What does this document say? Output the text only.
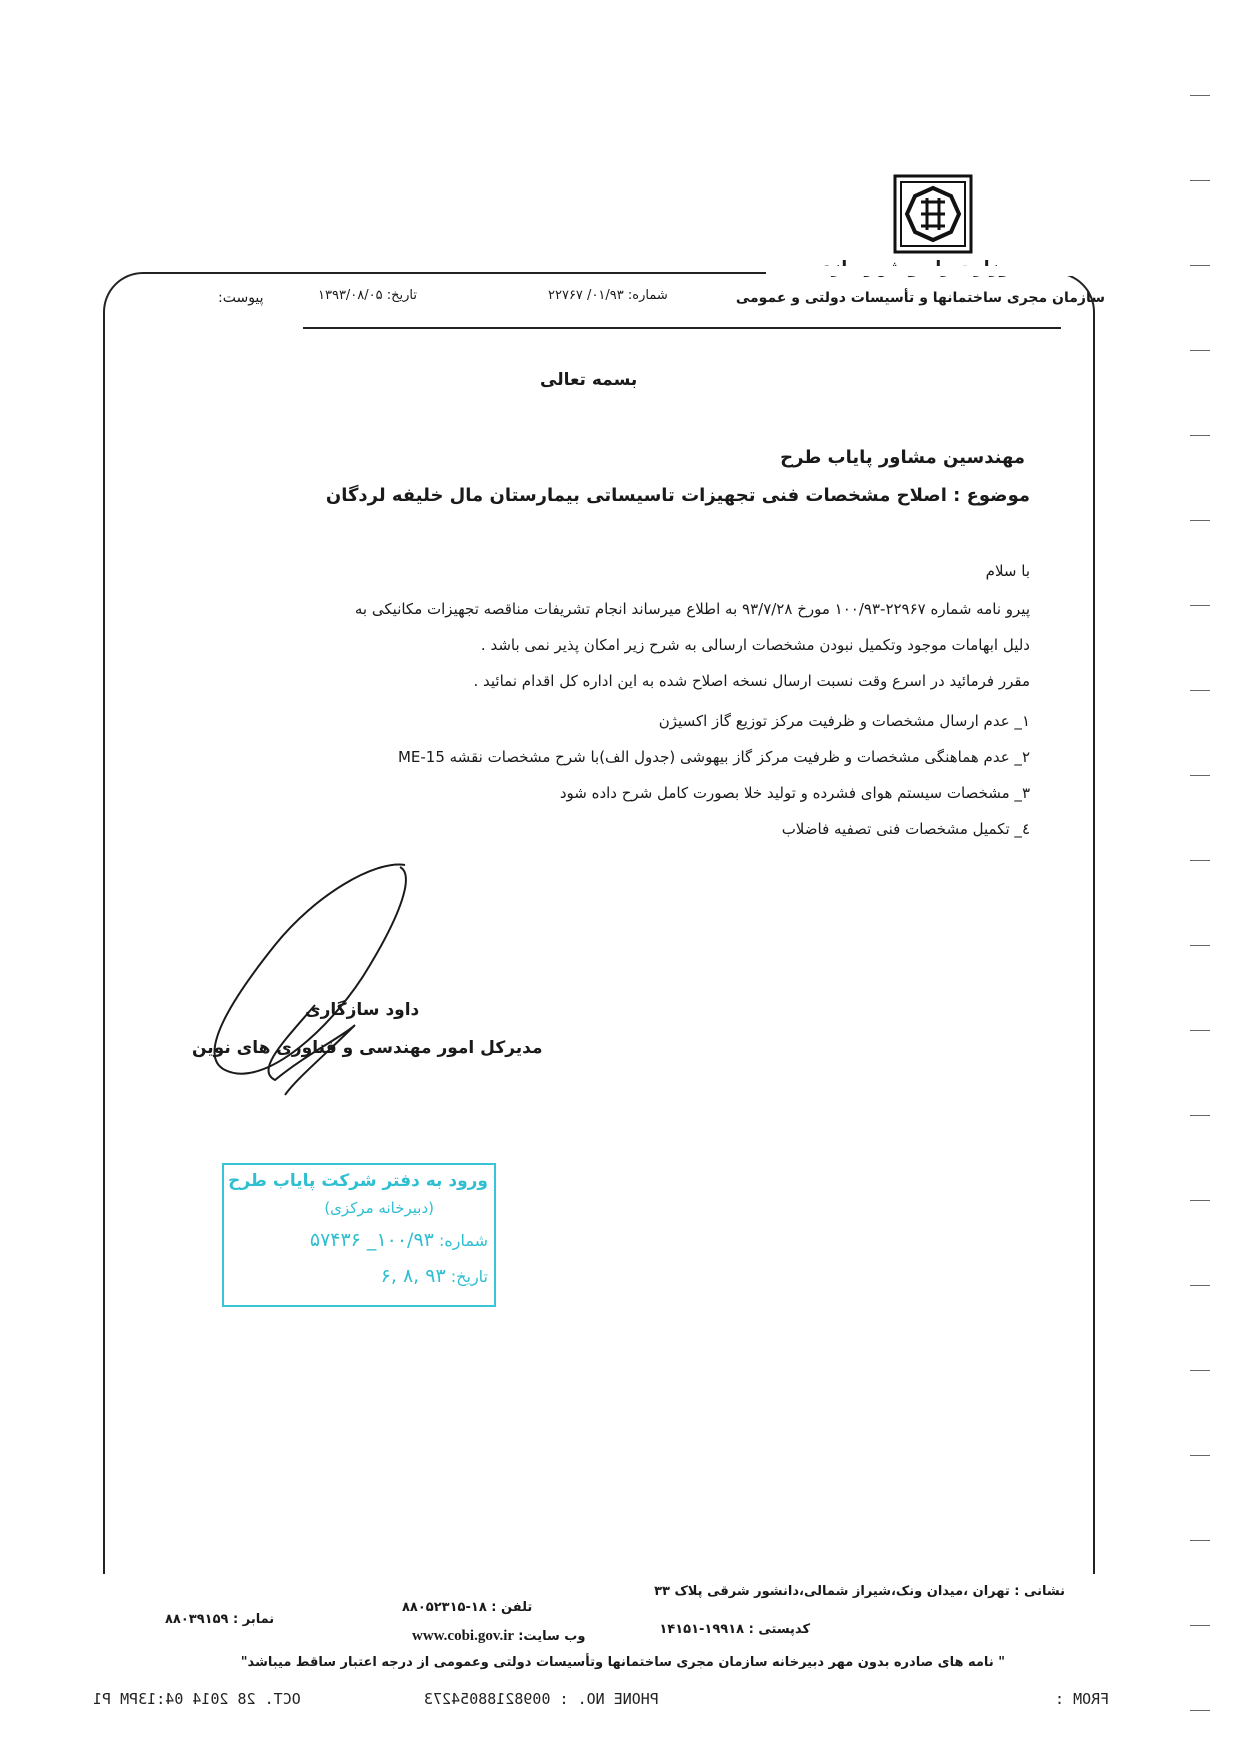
سازمان مجری ساختمانها و تأسیسات دولتی و عمومی
شماره: ۰۱/۹۳/ ۲۲۷۶۷
تاریخ: ۱۳۹۳/۰۸/۰۵
پیوست:
بسمه تعالی
مهندسین مشاور پایاب طرح
موضوع : اصلاح مشخصات فنی تجهیزات تاسیساتی بیمارستان مال خلیفه لردگان
با سلام
پیرو نامه شماره ۲۲۹۶۷-۱۰۰/۹۳ مورخ ۹۳/۷/۲۸ به اطلاع میرساند انجام تشریفات مناقصه تجهیزات مکانیکی به
دلیل ابهامات موجود وتکمیل نبودن مشخصات ارسالی به شرح زیر امکان پذیر نمی باشد .
مقرر فرمائید در اسرع وقت نسبت ارسال نسخه اصلاح شده به این اداره کل اقدام نمائید .
۱_ عدم ارسال مشخصات و ظرفیت مرکز توزیع گاز اکسیژن
۲_ عدم هماهنگی مشخصات و ظرفیت مرکز گاز بیهوشی (جدول الف)با شرح مشخصات نقشه ME-15
۳_ مشخصات سیستم هوای فشرده و تولید خلا بصورت کامل شرح داده شود
٤_ تکمیل مشخصات فنی تصفیه فاضلاب
داود سازگاری
مدیرکل امور مهندسی و فناوری های نوین
ورود به دفتر شرکت پایاب طرح
(دبیرخانه مرکزی)
شماره: ۱۰۰/۹۳_ ۵۷۴۳۶
تاریخ: ۹۳ ,۸ ,۶
نشانی : تهران ،میدان ونک،شیراز شمالی،دانشور شرقی پلاک ۳۳
تلفن : ۱۸-۸۸۰۵۲۳۱۵
نمابر : ۸۸۰۳۹۱۵۹
کدپستی : ۱۹۹۱۸-۱۴۱۵۱
www.cobi.gov.ir وب سایت:
" نامه های صادره بدون مهر دبیرخانه سازمان مجری ساختمانها وتأسیسات دولتی وعمومی از درجه اعتبار ساقط میباشد"
FROM :
PHONE NO. : 00982188054273
OCT. 28 2014 04:13PM P1
